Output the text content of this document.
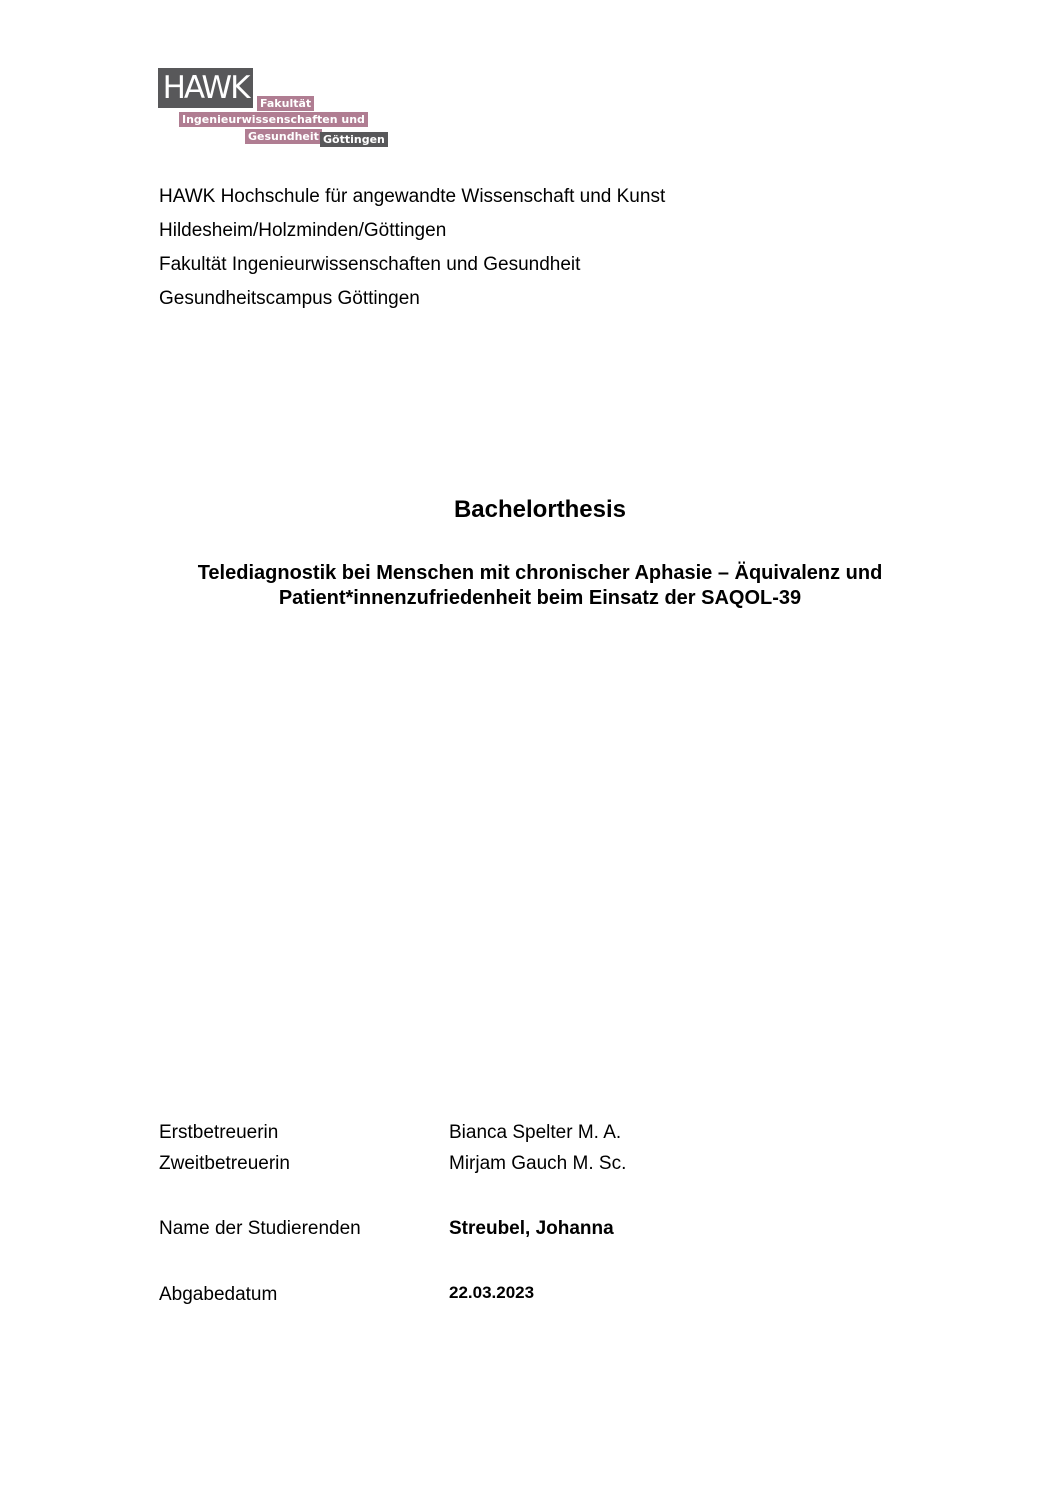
HAWK	Fakultät
Ingenieurwissenschaften und
Gesundheit Göttingen
HAWK Hochschule für angewandte Wissenschaft und Kunst
Hildesheim/Holzminden/Göttingen
Fakultät Ingenieurwissenschaften und Gesundheit
Gesundheitscampus Göttingen
Bachelorthesis
Telediagnostik bei Menschen mit chronischer Aphasie – Äquivalenz und
Patient*innenzufriedenheit beim Einsatz der SAQOL-39
Erstbetreuerin	Bianca Spelter M. A.
Zweitbetreuerin	Mirjam Gauch M. Sc.
Name der Studierenden	Streubel, Johanna
Abgabedatum	22.03.2023
